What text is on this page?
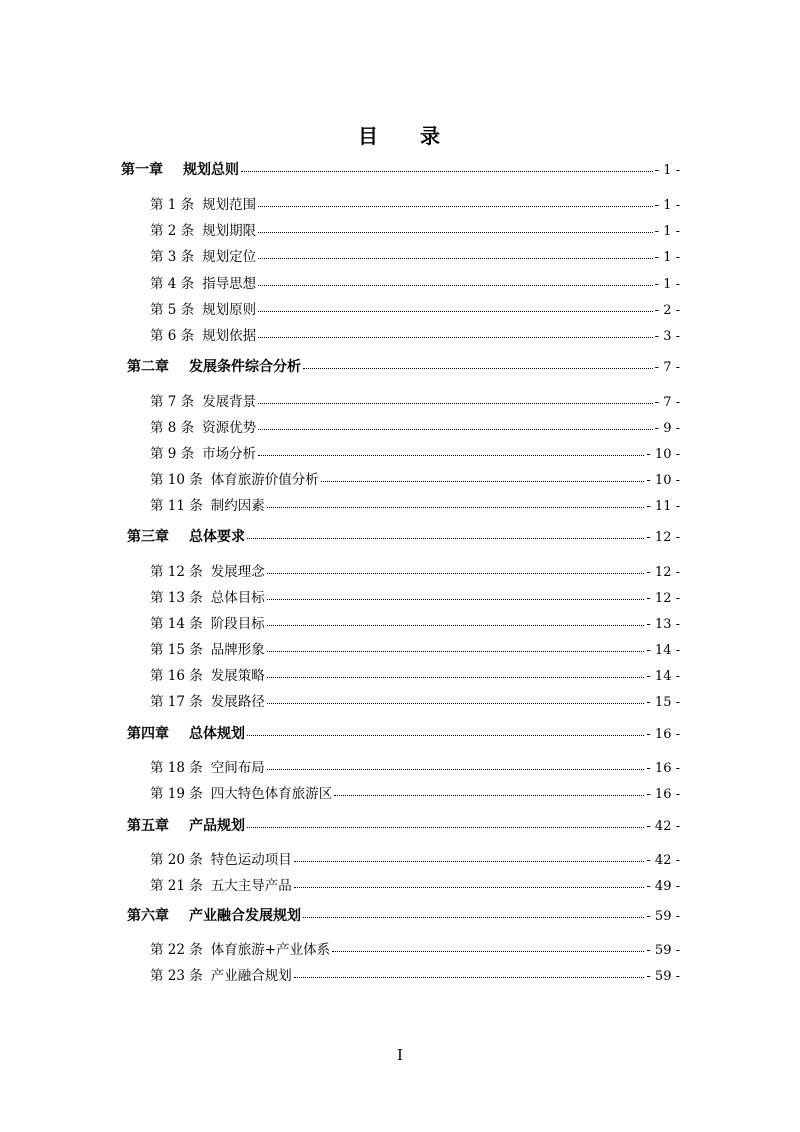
目 录
第一章 规划总则	- 1 -
第 1 条 规划范围	- 1 -
第 2 条 规划期限	- 1 -
第 3 条 规划定位	- 1 -
第 4 条 指导思想	- 1 -
第 5 条 规划原则	- 2 -
第 6 条 规划依据	- 3 -
第二章 发展条件综合分析	- 7 -
第 7 条 发展背景	- 7 -
第 8 条 资源优势	- 9 -
第 9 条 市场分析	- 10 -
第 10 条 体育旅游价值分析	- 10 -
第 11 条 制约因素	- 11 -
第三章 总体要求	- 12 -
第 12 条 发展理念	- 12 -
第 13 条 总体目标	- 12 -
第 14 条 阶段目标	- 13 -
第 15 条 品牌形象	- 14 -
第 16 条 发展策略	- 14 -
第 17 条 发展路径	- 15 -
第四章 总体规划	- 16 -
第 18 条 空间布局	- 16 -
第 19 条 四大特色体育旅游区	- 16 -
第五章 产品规划	- 42 -
第 20 条 特色运动项目	- 42 -
第 21 条 五大主导产品	- 49 -
第六章 产业融合发展规划	- 59 -
第 22 条 体育旅游+产业体系	- 59 -
第 23 条 产业融合规划	- 59 -
I
